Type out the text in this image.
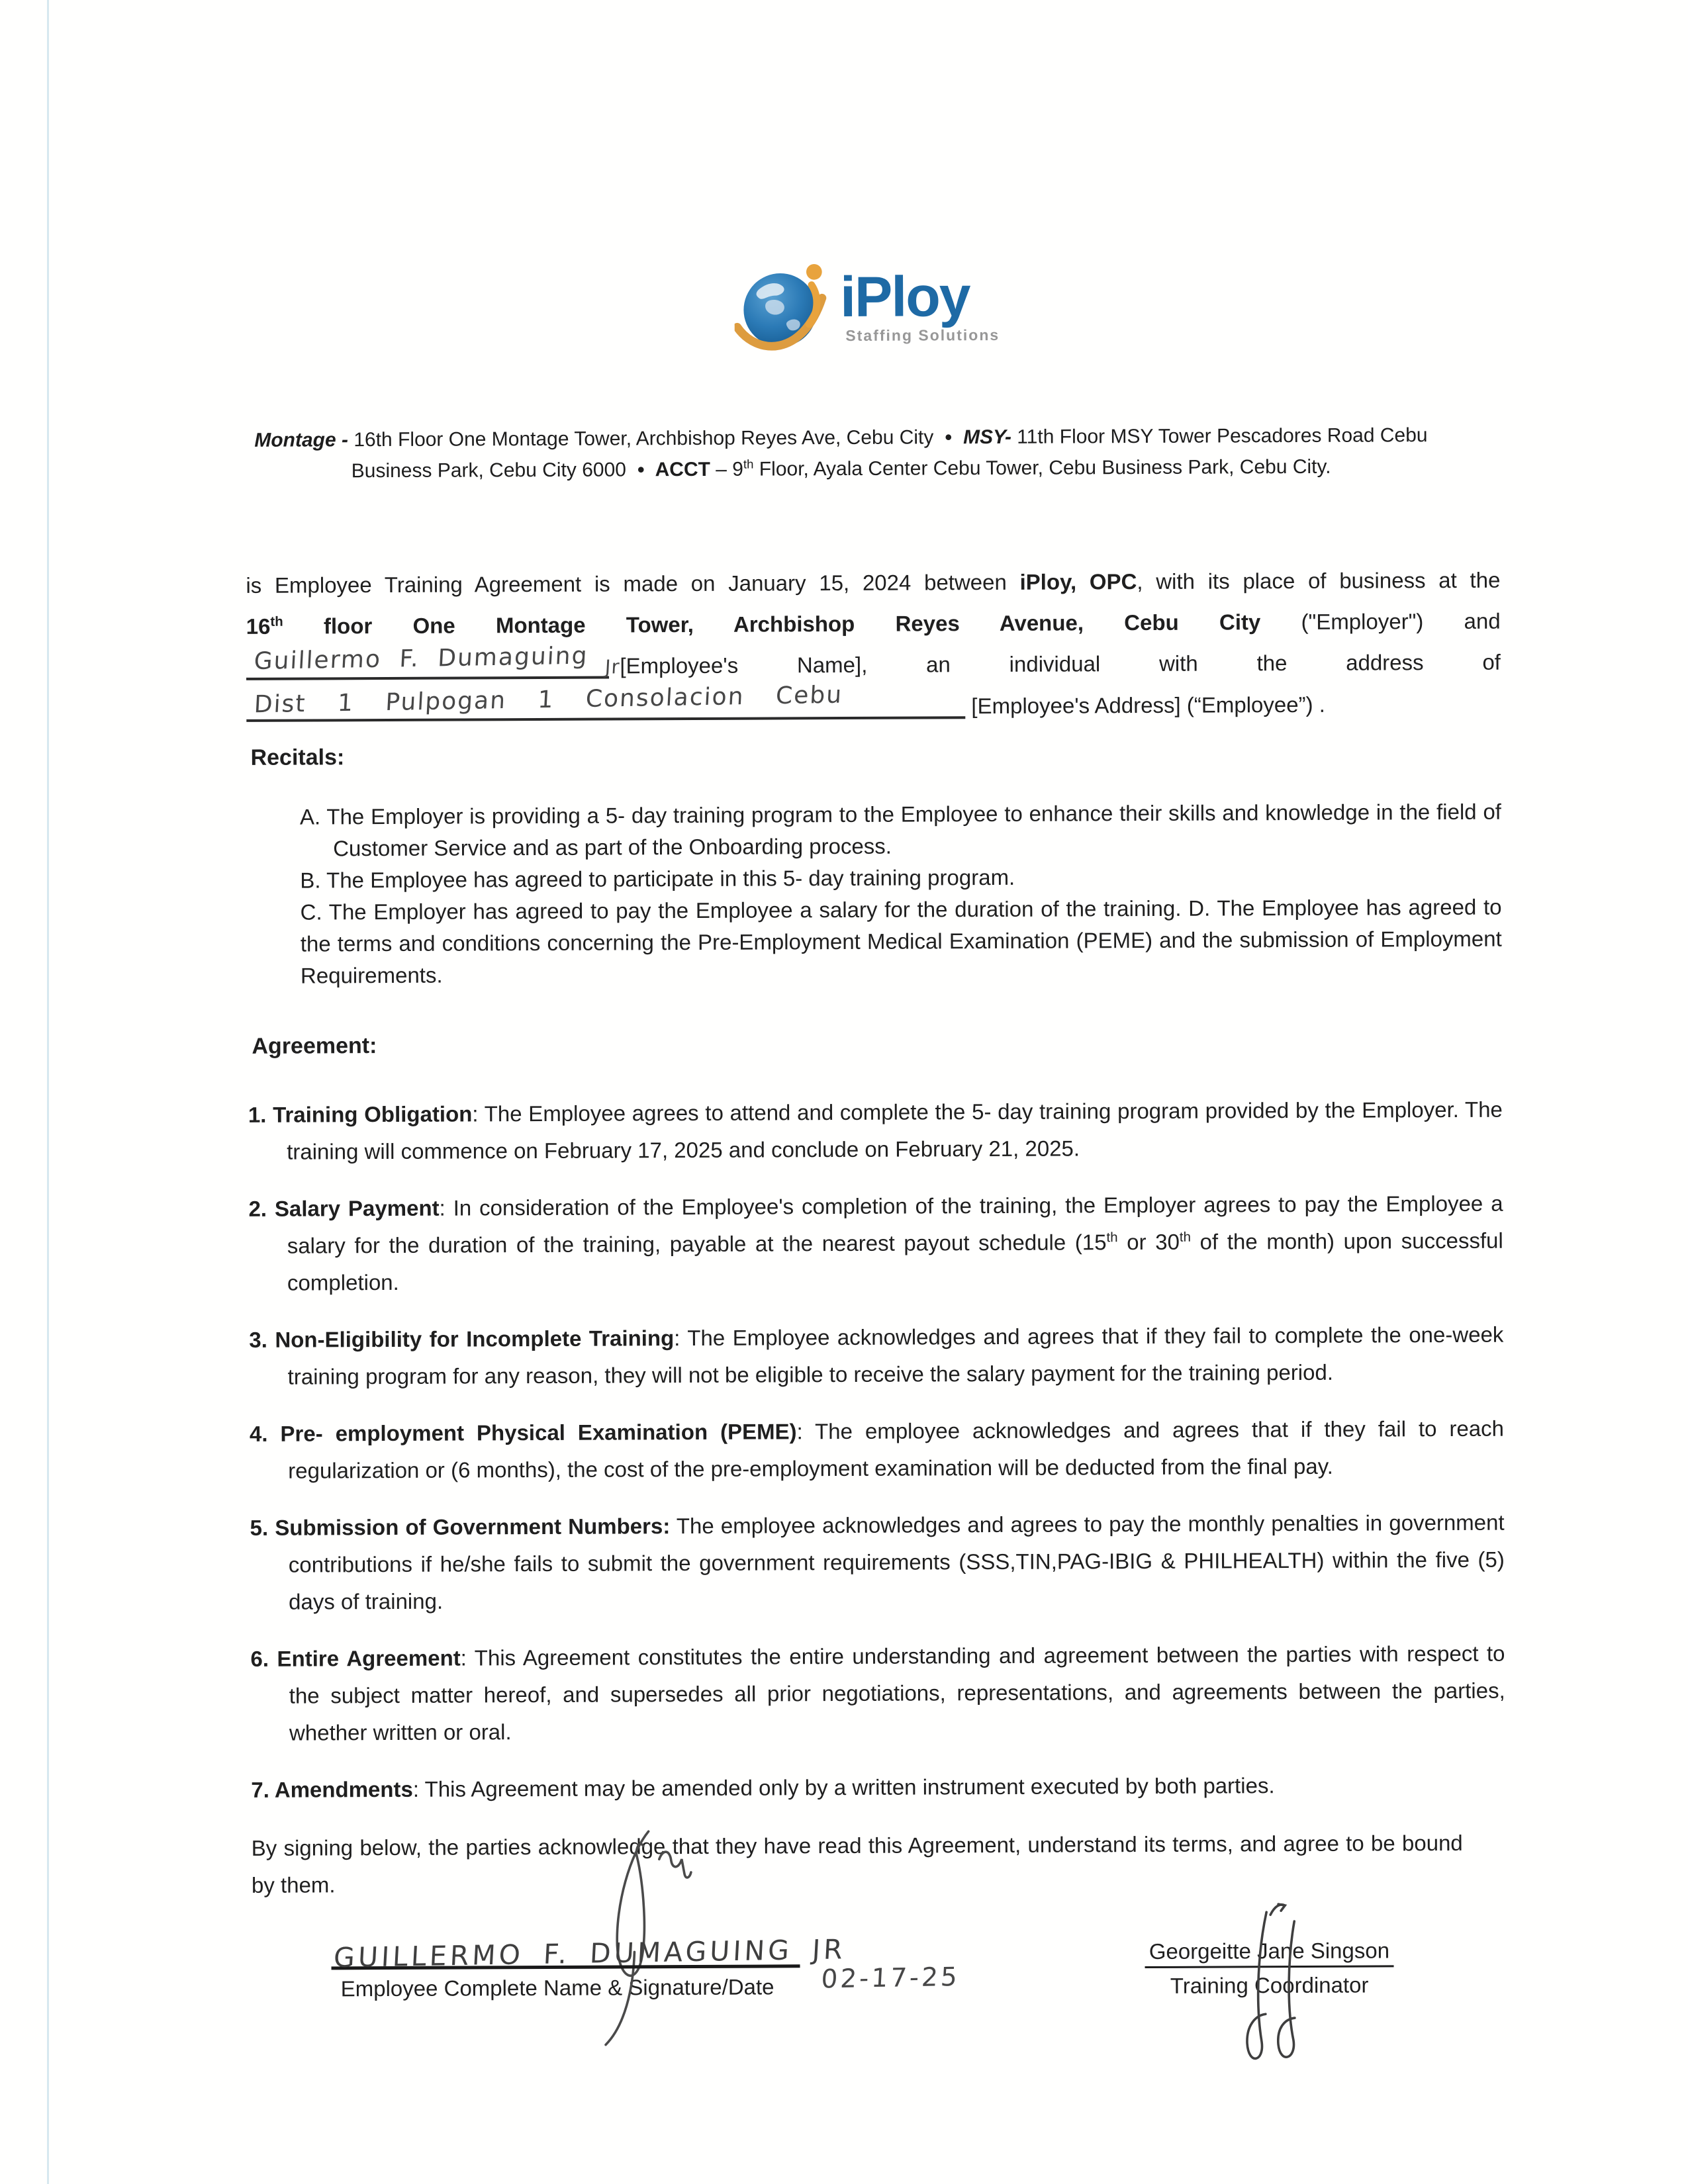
iPloy
Staffing Solutions
Montage - 16th Floor One Montage Tower, Archbishop Reyes Ave, Cebu City ● MSY- 11th Floor MSY Tower Pescadores Road Cebu Business Park, Cebu City 6000 ● ACCT – 9th Floor, Ayala Center Cebu Tower, Cebu Business Park, Cebu City.

is Employee Training Agreement is made on January 15, 2024 between iPloy, OPC, with its place of business at the

16th floor One Montage Tower, Archbishop Reyes Avenue, Cebu City ("Employer") and

Guillermo F. Dumaguing Jr[Employee's Name], an individual with the address of

Dist 1 Pulpogan 1 Consolacion Cebu	[Employee's Address] (“Employee”) .

Recitals:

A. The Employer is providing a 5- day training program to the Employee to enhance their skills and knowledge in the field of Customer Service and as part of the Onboarding process.

B. The Employee has agreed to participate in this 5- day training program.

C. The Employer has agreed to pay the Employee a salary for the duration of the training. D. The Employee has agreed to the terms and conditions concerning the Pre-Employment Medical Examination (PEME) and the submission of Employment Requirements.

Agreement:

1. Training Obligation: The Employee agrees to attend and complete the 5- day training program provided by the Employer. The training will commence on February 17, 2025 and conclude on February 21, 2025.

2. Salary Payment: In consideration of the Employee's completion of the training, the Employer agrees to pay the Employee a salary for the duration of the training, payable at the nearest payout schedule (15th or 30th of the month) upon successful completion.

3. Non-Eligibility for Incomplete Training: The Employee acknowledges and agrees that if they fail to complete the one-week training program for any reason, they will not be eligible to receive the salary payment for the training period.

4. Pre- employment Physical Examination (PEME): The employee acknowledges and agrees that if they fail to reach regularization or (6 months), the cost of the pre-employment examination will be deducted from the final pay.

5. Submission of Government Numbers: The employee acknowledges and agrees to pay the monthly penalties in government contributions if he/she fails to submit the government requirements (SSS,TIN,PAG-IBIG & PHILHEALTH) within the five (5) days of training.

6. Entire Agreement: This Agreement constitutes the entire understanding and agreement between the parties with respect to the subject matter hereof, and supersedes all prior negotiations, representations, and agreements between the parties, whether written or oral.

7. Amendments: This Agreement may be amended only by a written instrument executed by both parties.

By signing below, the parties acknowledge that they have read this Agreement, understand its terms, and agree to be bound by them.

GUILLERMO F. DUMAGUING JR
02-17-25
Employee Complete Name & Signature/Date
Georgeitte Jane Singson
Training Coordinator
